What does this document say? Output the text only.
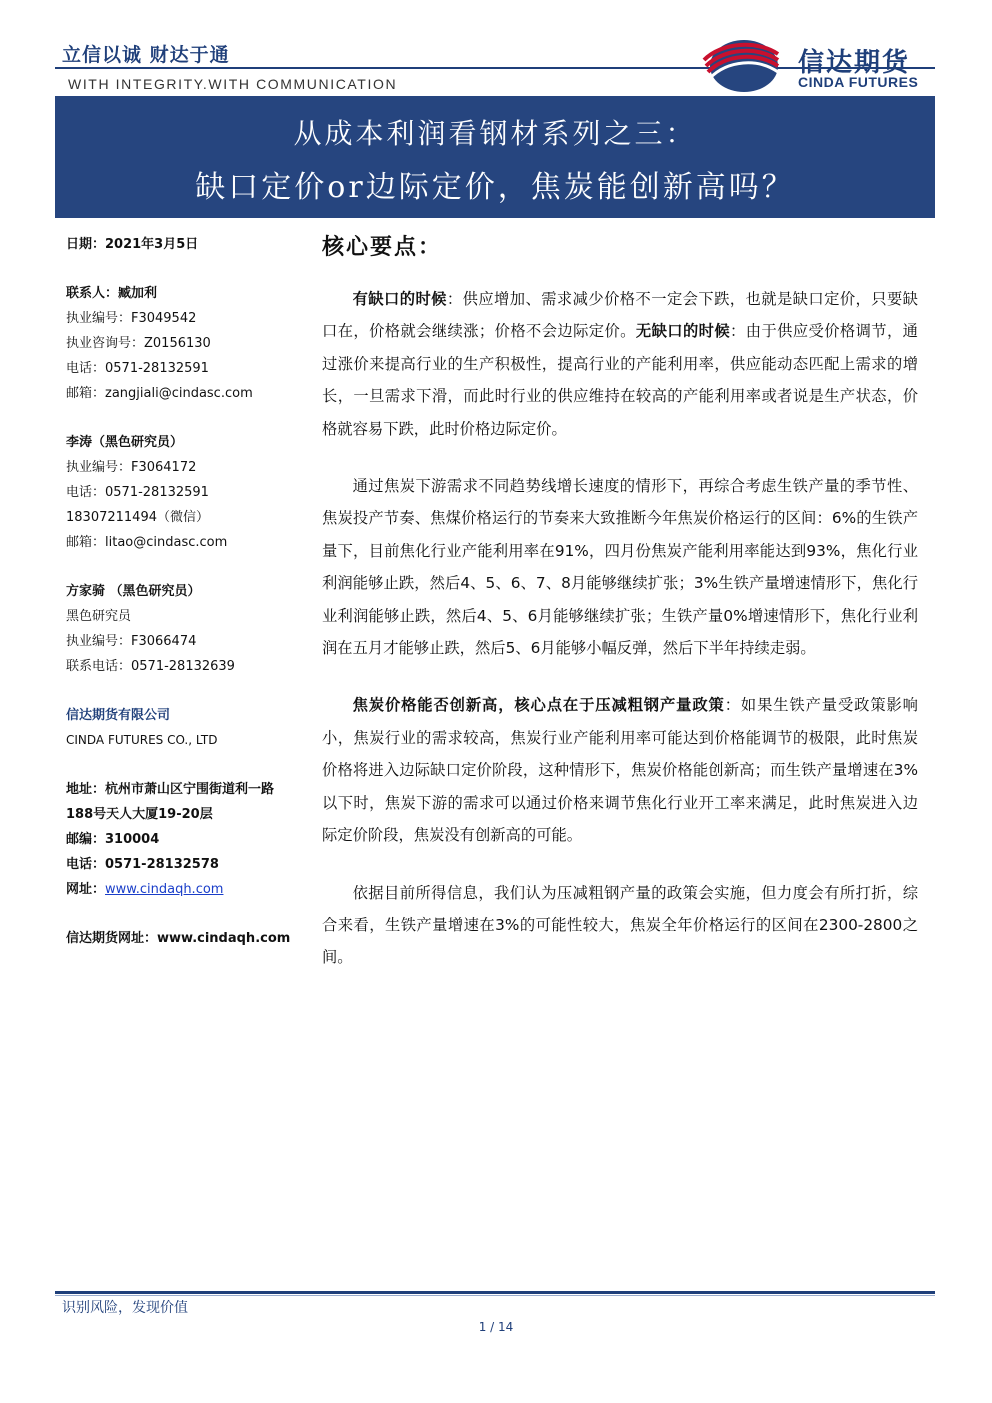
立信以诚 财达于通
WITH INTEGRITY.WITH COMMUNICATION
信达期货
CINDA FUTURES
从成本利润看钢材系列之三：
缺口定价or边际定价，焦炭能创新高吗？
日期：2021年3月5日
联系人：臧加利
执业编号：F3049542
执业咨询号：Z0156130
电话：0571-28132591
邮箱：zangjiali@cindasc.com
李涛（黑色研究员）
执业编号：F3064172
电话：0571-28132591
18307211494（微信）
邮箱：litao@cindasc.com
方家骑 （黑色研究员）
黑色研究员
执业编号：F3066474
联系电话：0571-28132639
信达期货有限公司
CINDA FUTURES CO., LTD
地址：杭州市萧山区宁围街道利一路188号天人大厦19-20层
邮编：310004
电话：0571-28132578
网址：www.cindaqh.com
信达期货网址：www.cindaqh.com
核心要点：

有缺口的时候：供应增加、需求减少价格不一定会下跌，也就是缺口定价，只要缺口在，价格就会继续涨；价格不会边际定价。无缺口的时候：由于供应受价格调节，通过涨价来提高行业的生产积极性，提高行业的产能利用率，供应能动态匹配上需求的增长，一旦需求下滑，而此时行业的供应维持在较高的产能利用率或者说是生产状态，价格就容易下跌，此时价格边际定价。

通过焦炭下游需求不同趋势线增长速度的情形下，再综合考虑生铁产量的季节性、焦炭投产节奏、焦煤价格运行的节奏来大致推断今年焦炭价格运行的区间：6%的生铁产量下，目前焦化行业产能利用率在91%，四月份焦炭产能利用率能达到93%，焦化行业利润能够止跌，然后4、5、6、7、8月能够继续扩张；3%生铁产量增速情形下，焦化行业利润能够止跌，然后4、5、6月能够继续扩张；生铁产量0%增速情形下，焦化行业利润在五月才能够止跌，然后5、6月能够小幅反弹，然后下半年持续走弱。

焦炭价格能否创新高，核心点在于压减粗钢产量政策：如果生铁产量受政策影响小，焦炭行业的需求较高，焦炭行业产能利用率可能达到价格能调节的极限，此时焦炭价格将进入边际缺口定价阶段，这种情形下，焦炭价格能创新高；而生铁产量增速在3%以下时，焦炭下游的需求可以通过价格来调节焦化行业开工率来满足，此时焦炭进入边际定价阶段，焦炭没有创新高的可能。

依据目前所得信息，我们认为压减粗钢产量的政策会实施，但力度会有所打折，综合来看，生铁产量增速在3%的可能性较大，焦炭全年价格运行的区间在2300-2800之间。

识别风险，发现价值
1 / 14
